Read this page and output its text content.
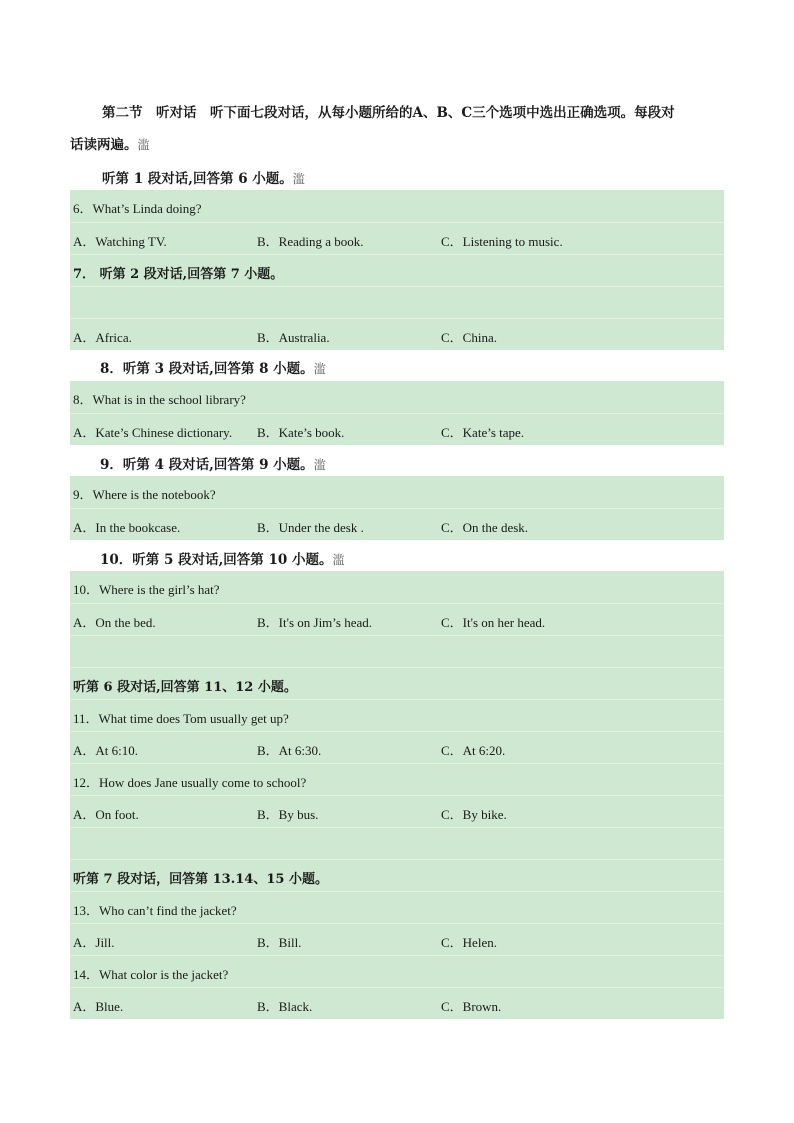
第二节　听对话　听下面七段对话，从每小题所给的A、B、C三个选项中选出正确选项。每段对
话读两遍。滥
听第 1 段对话,回答第 6 小题。滥
6．What’s Linda doing?
A．Watching TV.	B．Reading a book.	C．Listening to music.
7． 听第 2 段对话,回答第 7 小题。
A．Africa.	B．Australia.	C．China.
8．听第 3 段对话,回答第 8 小题。滥
8．What is in the school library?
A．Kate’s Chinese dictionary. B．Kate’s book.	C．Kate’s tape.
9．听第 4 段对话,回答第 9 小题。滥
9．Where is the notebook?
A．In the bookcase.	B．Under the desk .	C．On the desk.
10．听第 5 段对话,回答第 10 小题。滥
10．Where is the girl’s hat?
A．On the bed.	B．It's on Jim’s head.	C．It's on her head.
听第 6 段对话,回答第 11、12 小题。
11．What time does Tom usually get up?
A．At 6:10.	B．At 6:30.	C．At 6:20.
12．How does Jane usually come to school?
A．On foot.	B．By bus.	C．By bike.
听第 7 段对话，回答第 13.14、15 小题。
13．Who can’t find the jacket?
A．Jill.	B．Bill.	C．Helen.
14．What color is the jacket?
A．Blue.	B．Black.	C．Brown.
